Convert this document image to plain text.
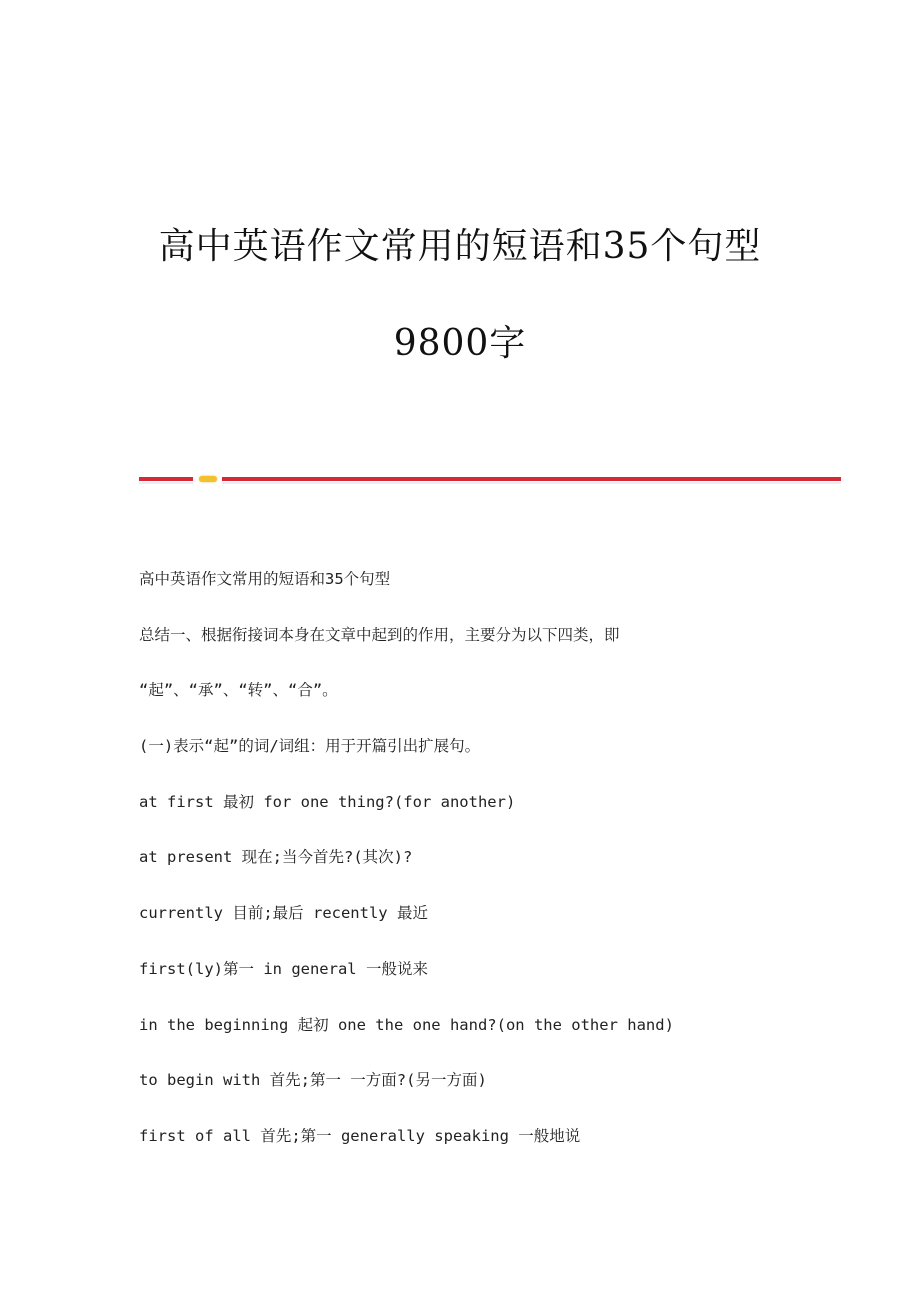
高中英语作文常用的短语和35个句型
9800字

高中英语作文常用的短语和35个句型

总结一、根据衔接词本身在文章中起到的作用，主要分为以下四类，即

“起”、“承”、“转”、“合”。

(一)表示“起”的词/词组：用于开篇引出扩展句。

at first 最初 for one thing?(for another)

at present 现在;当今首先?(其次)?

currently 目前;最后 recently 最近

first(ly)第一 in general 一般说来

in the beginning 起初 one the one hand?(on the other hand)

to begin with 首先;第一 一方面?(另一方面)

first of all 首先;第一 generally speaking 一般地说
